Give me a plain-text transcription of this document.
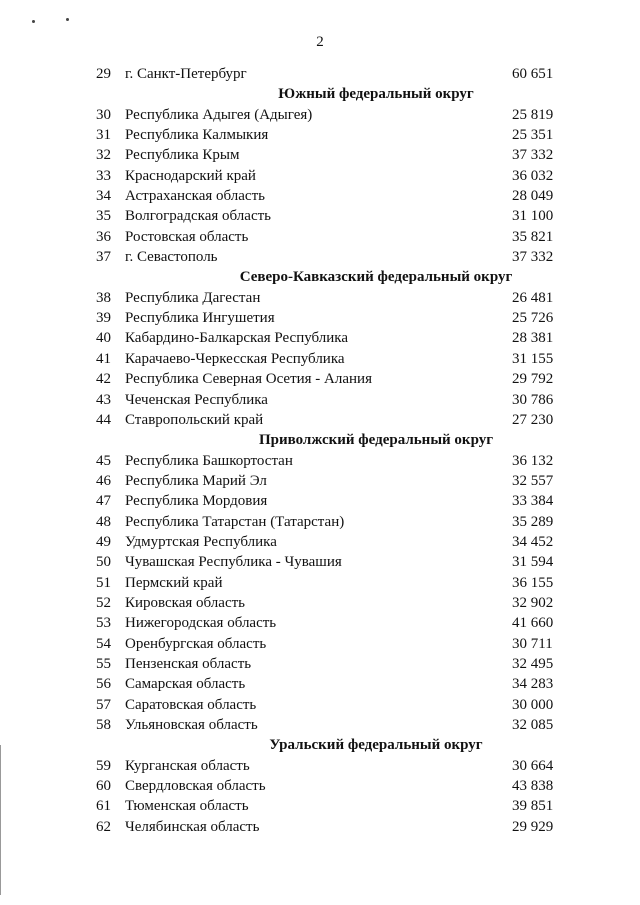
2
29 г. Санкт-Петербург	60 651
Южный федеральный округ
30 Республика Адыгея (Адыгея)	25 819
31 Республика Калмыкия	25 351
32 Республика Крым	37 332
33 Краснодарский край	36 032
34 Астраханская область	28 049
35 Волгоградская область	31 100
36 Ростовская область	35 821
37 г. Севастополь	37 332
Северо-Кавказский федеральный округ
38 Республика Дагестан	26 481
39 Республика Ингушетия	25 726
40 Кабардино-Балкарская Республика	28 381
41 Карачаево-Черкесская Республика	31 155
42 Республика Северная Осетия - Алания	29 792
43 Чеченская Республика	30 786
44 Ставропольский край	27 230
Приволжский федеральный округ
45 Республика Башкортостан	36 132
46 Республика Марий Эл	32 557
47 Республика Мордовия	33 384
48 Республика Татарстан (Татарстан)	35 289
49 Удмуртская Республика	34 452
50 Чувашская Республика - Чувашия	31 594
51 Пермский край	36 155
52 Кировская область	32 902
53 Нижегородская область	41 660
54 Оренбургская область	30 711
55 Пензенская область	32 495
56 Самарская область	34 283
57 Саратовская область	30 000
58 Ульяновская область	32 085
Уральский федеральный округ
59 Курганская область	30 664
60 Свердловская область	43 838
61 Тюменская область	39 851
62 Челябинская область	29 929
